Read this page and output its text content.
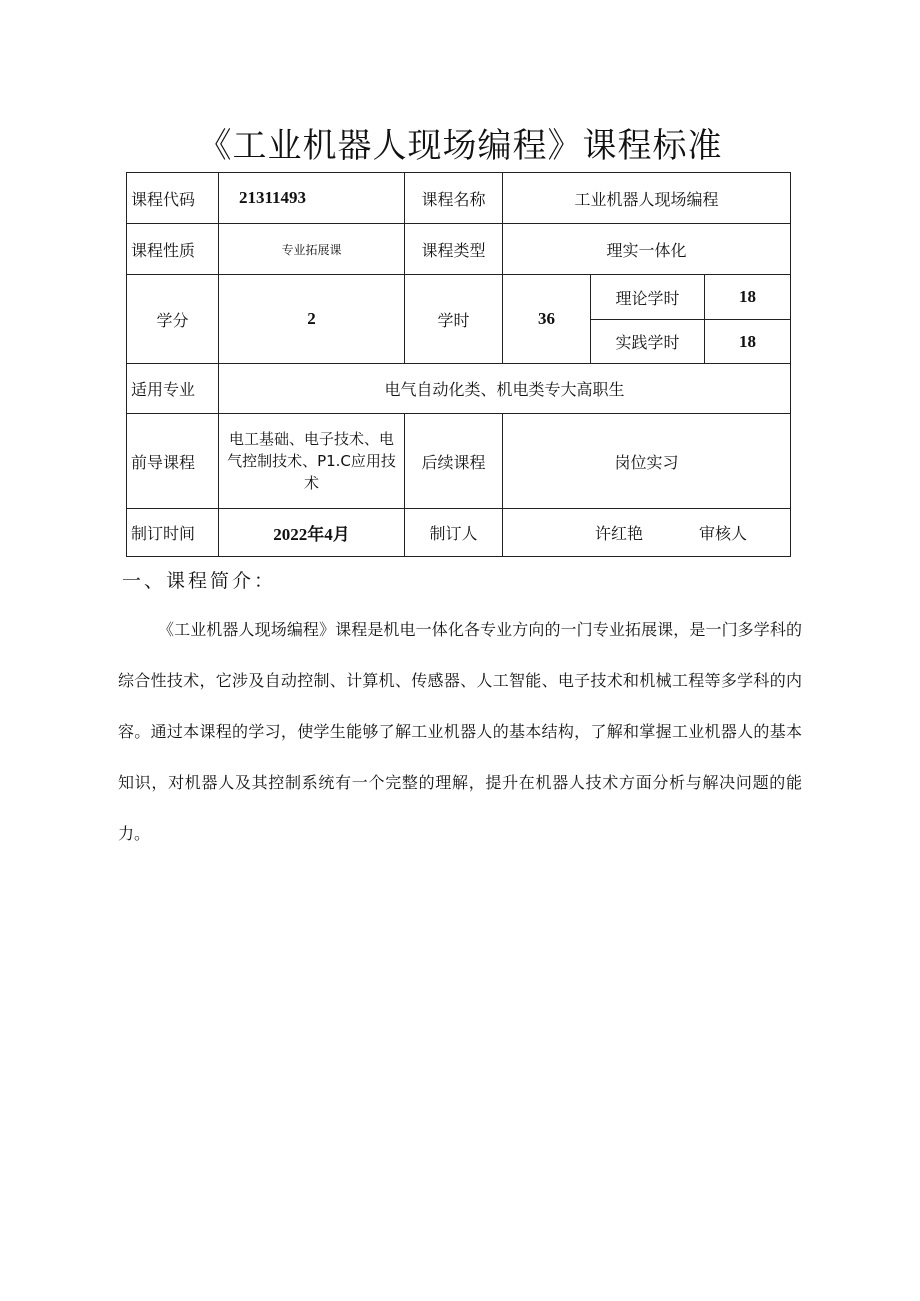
《工业机器人现场编程》课程标准
课程代码	21311493	课程名称	工业机器人现场编程		
课程性质	专业拓展课	课程类型	理实一体化		
学分	2	学时	36	理论学时	18
				实践学时	18
适用专业	电气自动化类、机电类专大高职生				
前导课程	电工基础、电子技术、电气控制技术、P1.C应用技术	后续课程	岗位实习		
制订时间	2022年4月	制订人	许红艳 审核人		
一、课程简介：

《工业机器人现场编程》课程是机电一体化各专业方向的一门专业拓展课，是一门多学科的综合性技术，它涉及自动控制、计算机、传感器、人工智能、电子技术和机械工程等多学科的内容。通过本课程的学习，使学生能够了解工业机器人的基本结构，了解和掌握工业机器人的基本知识，对机器人及其控制系统有一个完整的理解，提升在机器人技术方面分析与解决问题的能力。
